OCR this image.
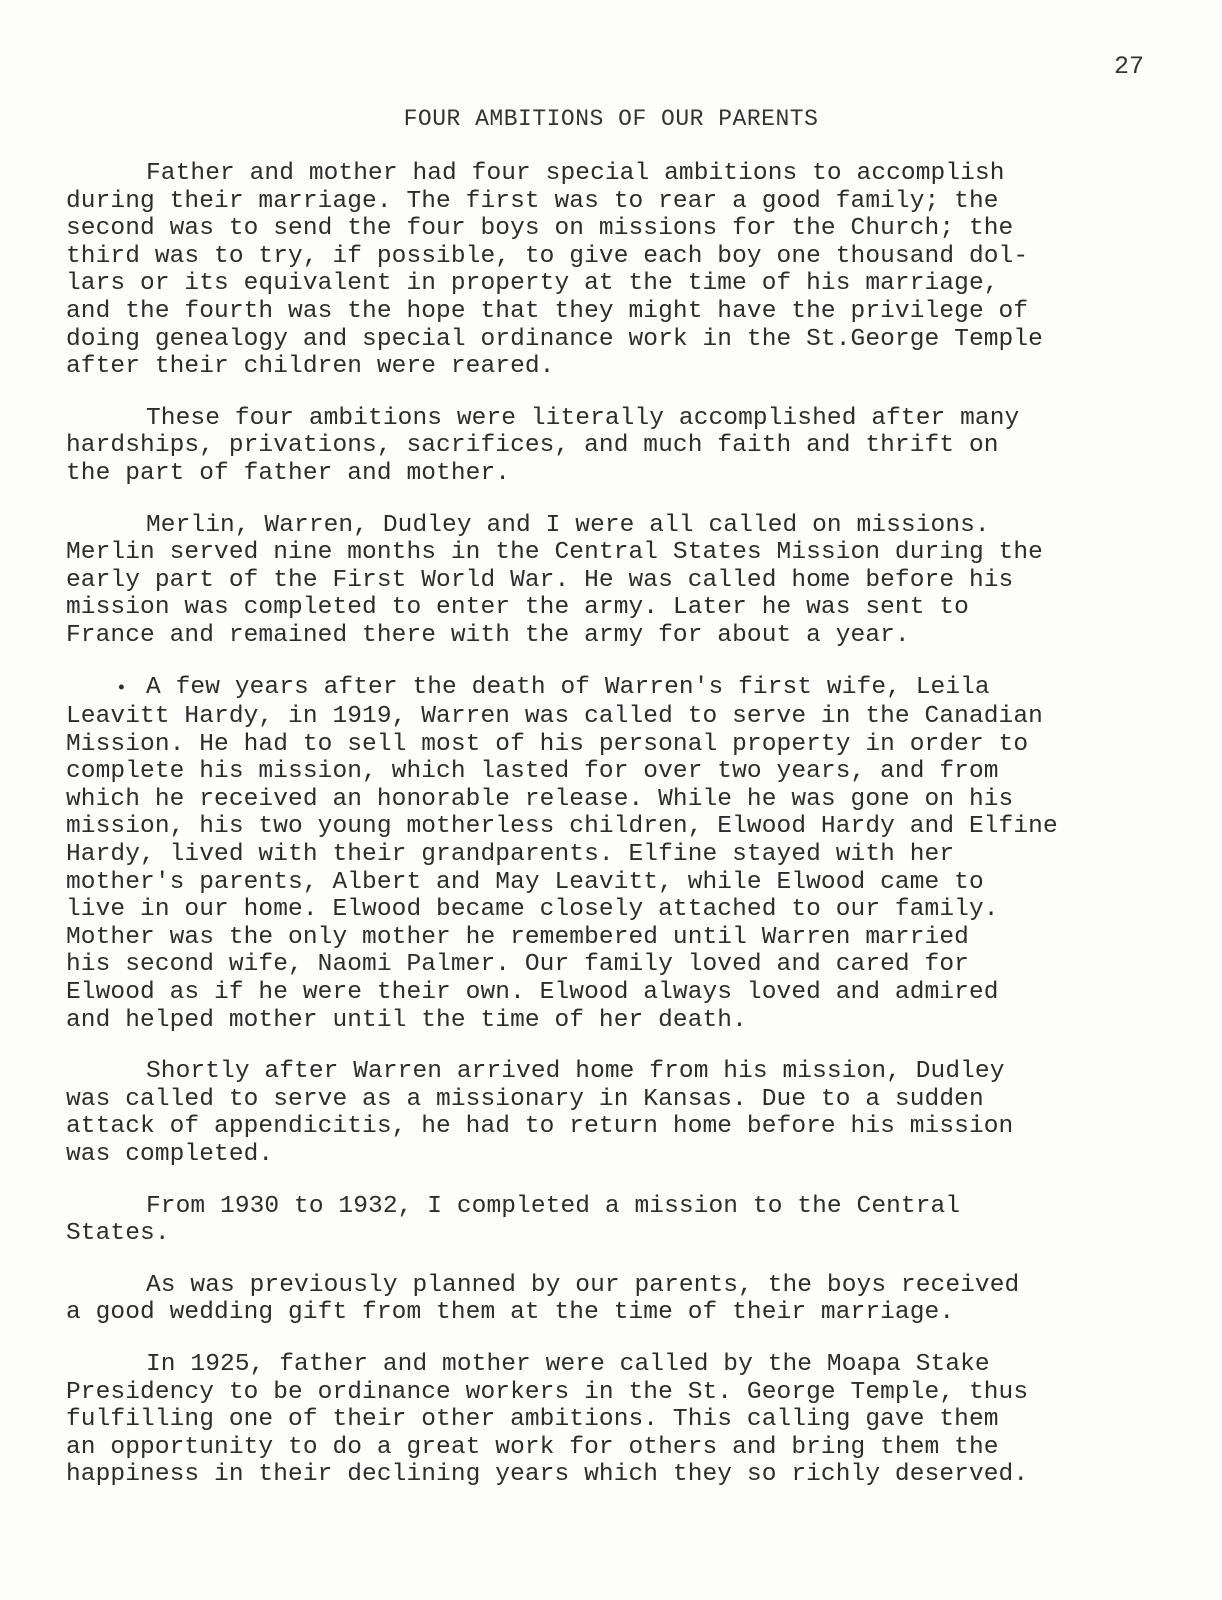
27
FOUR AMBITIONS OF OUR PARENTS

Father and mother had four special ambitions to accomplish
during their marriage. The first was to rear a good family; the
second was to send the four boys on missions for the Church; the
third was to try, if possible, to give each boy one thousand dol-
lars or its equivalent in property at the time of his marriage,
and the fourth was the hope that they might have the privilege of
doing genealogy and special ordinance work in the St.George Temple
after their children were reared.

These four ambitions were literally accomplished after many
hardships, privations, sacrifices, and much faith and thrift on
the part of father and mother.

Merlin, Warren, Dudley and I were all called on missions.
Merlin served nine months in the Central States Mission during the
early part of the First World War. He was called home before his
mission was completed to enter the army. Later he was sent to
France and remained there with the army for about a year.

• A few years after the death of Warren's first wife, Leila
Leavitt Hardy, in 1919, Warren was called to serve in the Canadian
Mission. He had to sell most of his personal property in order to
complete his mission, which lasted for over two years, and from
which he received an honorable release. While he was gone on his
mission, his two young motherless children, Elwood Hardy and Elfine
Hardy, lived with their grandparents. Elfine stayed with her
mother's parents, Albert and May Leavitt, while Elwood came to
live in our home. Elwood became closely attached to our family.
Mother was the only mother he remembered until Warren married
his second wife, Naomi Palmer. Our family loved and cared for
Elwood as if he were their own. Elwood always loved and admired
and helped mother until the time of her death.

Shortly after Warren arrived home from his mission, Dudley
was called to serve as a missionary in Kansas. Due to a sudden
attack of appendicitis, he had to return home before his mission
was completed.

From 1930 to 1932, I completed a mission to the Central
States.

As was previously planned by our parents, the boys received
a good wedding gift from them at the time of their marriage.

In 1925, father and mother were called by the Moapa Stake
Presidency to be ordinance workers in the St. George Temple, thus
fulfilling one of their other ambitions. This calling gave them
an opportunity to do a great work for others and bring them the
happiness in their declining years which they so richly deserved.
